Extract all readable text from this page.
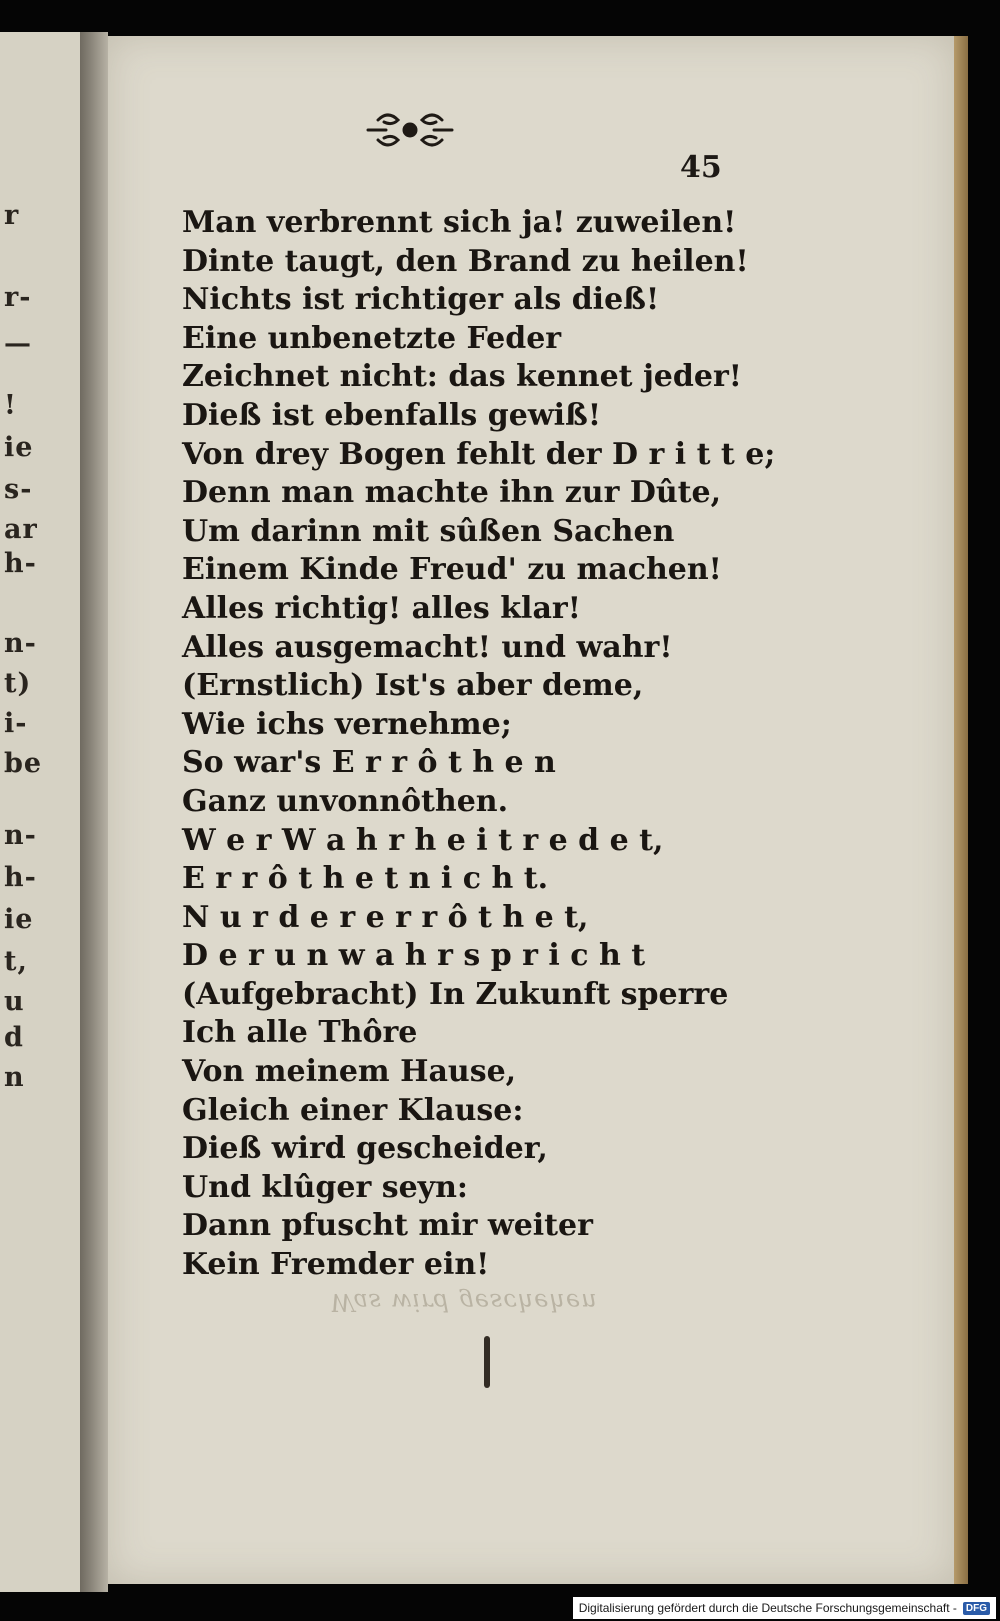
r
r-
—
!
ie
s-
ar
h-
n-
t)
i-
be
n-
h-
ie
t,
u
d
n
45
Man verbrennt sich ja! zuweilen!
Dinte taugt, den Brand zu heilen!
Nichts ist richtiger als dieß!
Eine unbenetzte Feder
Zeichnet nicht: das kennet jeder!
Dieß ist ebenfalls gewiß!
Von drey Bogen fehlt der D r i t t e;
Denn man machte ihn zur Dûte,
Um darinn mit sûßen Sachen
Einem Kinde Freud' zu machen!
Alles richtig! alles klar!
Alles ausgemacht! und wahr!
(Ernstlich) Ist's aber deme,
Wie ichs vernehme;
So war's E r r ô t h e n
Ganz unvonnôthen.
W e r W a h r h e i t r e d e t,
E r r ô t h e t n i c h t.
N u r d e r e r r ô t h e t,
D e r u n w a h r s p r i c h t
(Aufgebracht) In Zukunft sperre
Ich alle Thôre
Von meinem Hause,
Gleich einer Klause:
Dieß wird gescheider,
Und klûger seyn:
Dann pfuscht mir weiter
Kein Fremder ein!
Was wird geschehen
Digitalisierung gefördert durch die Deutsche Forschungsgemeinschaft - DFG
